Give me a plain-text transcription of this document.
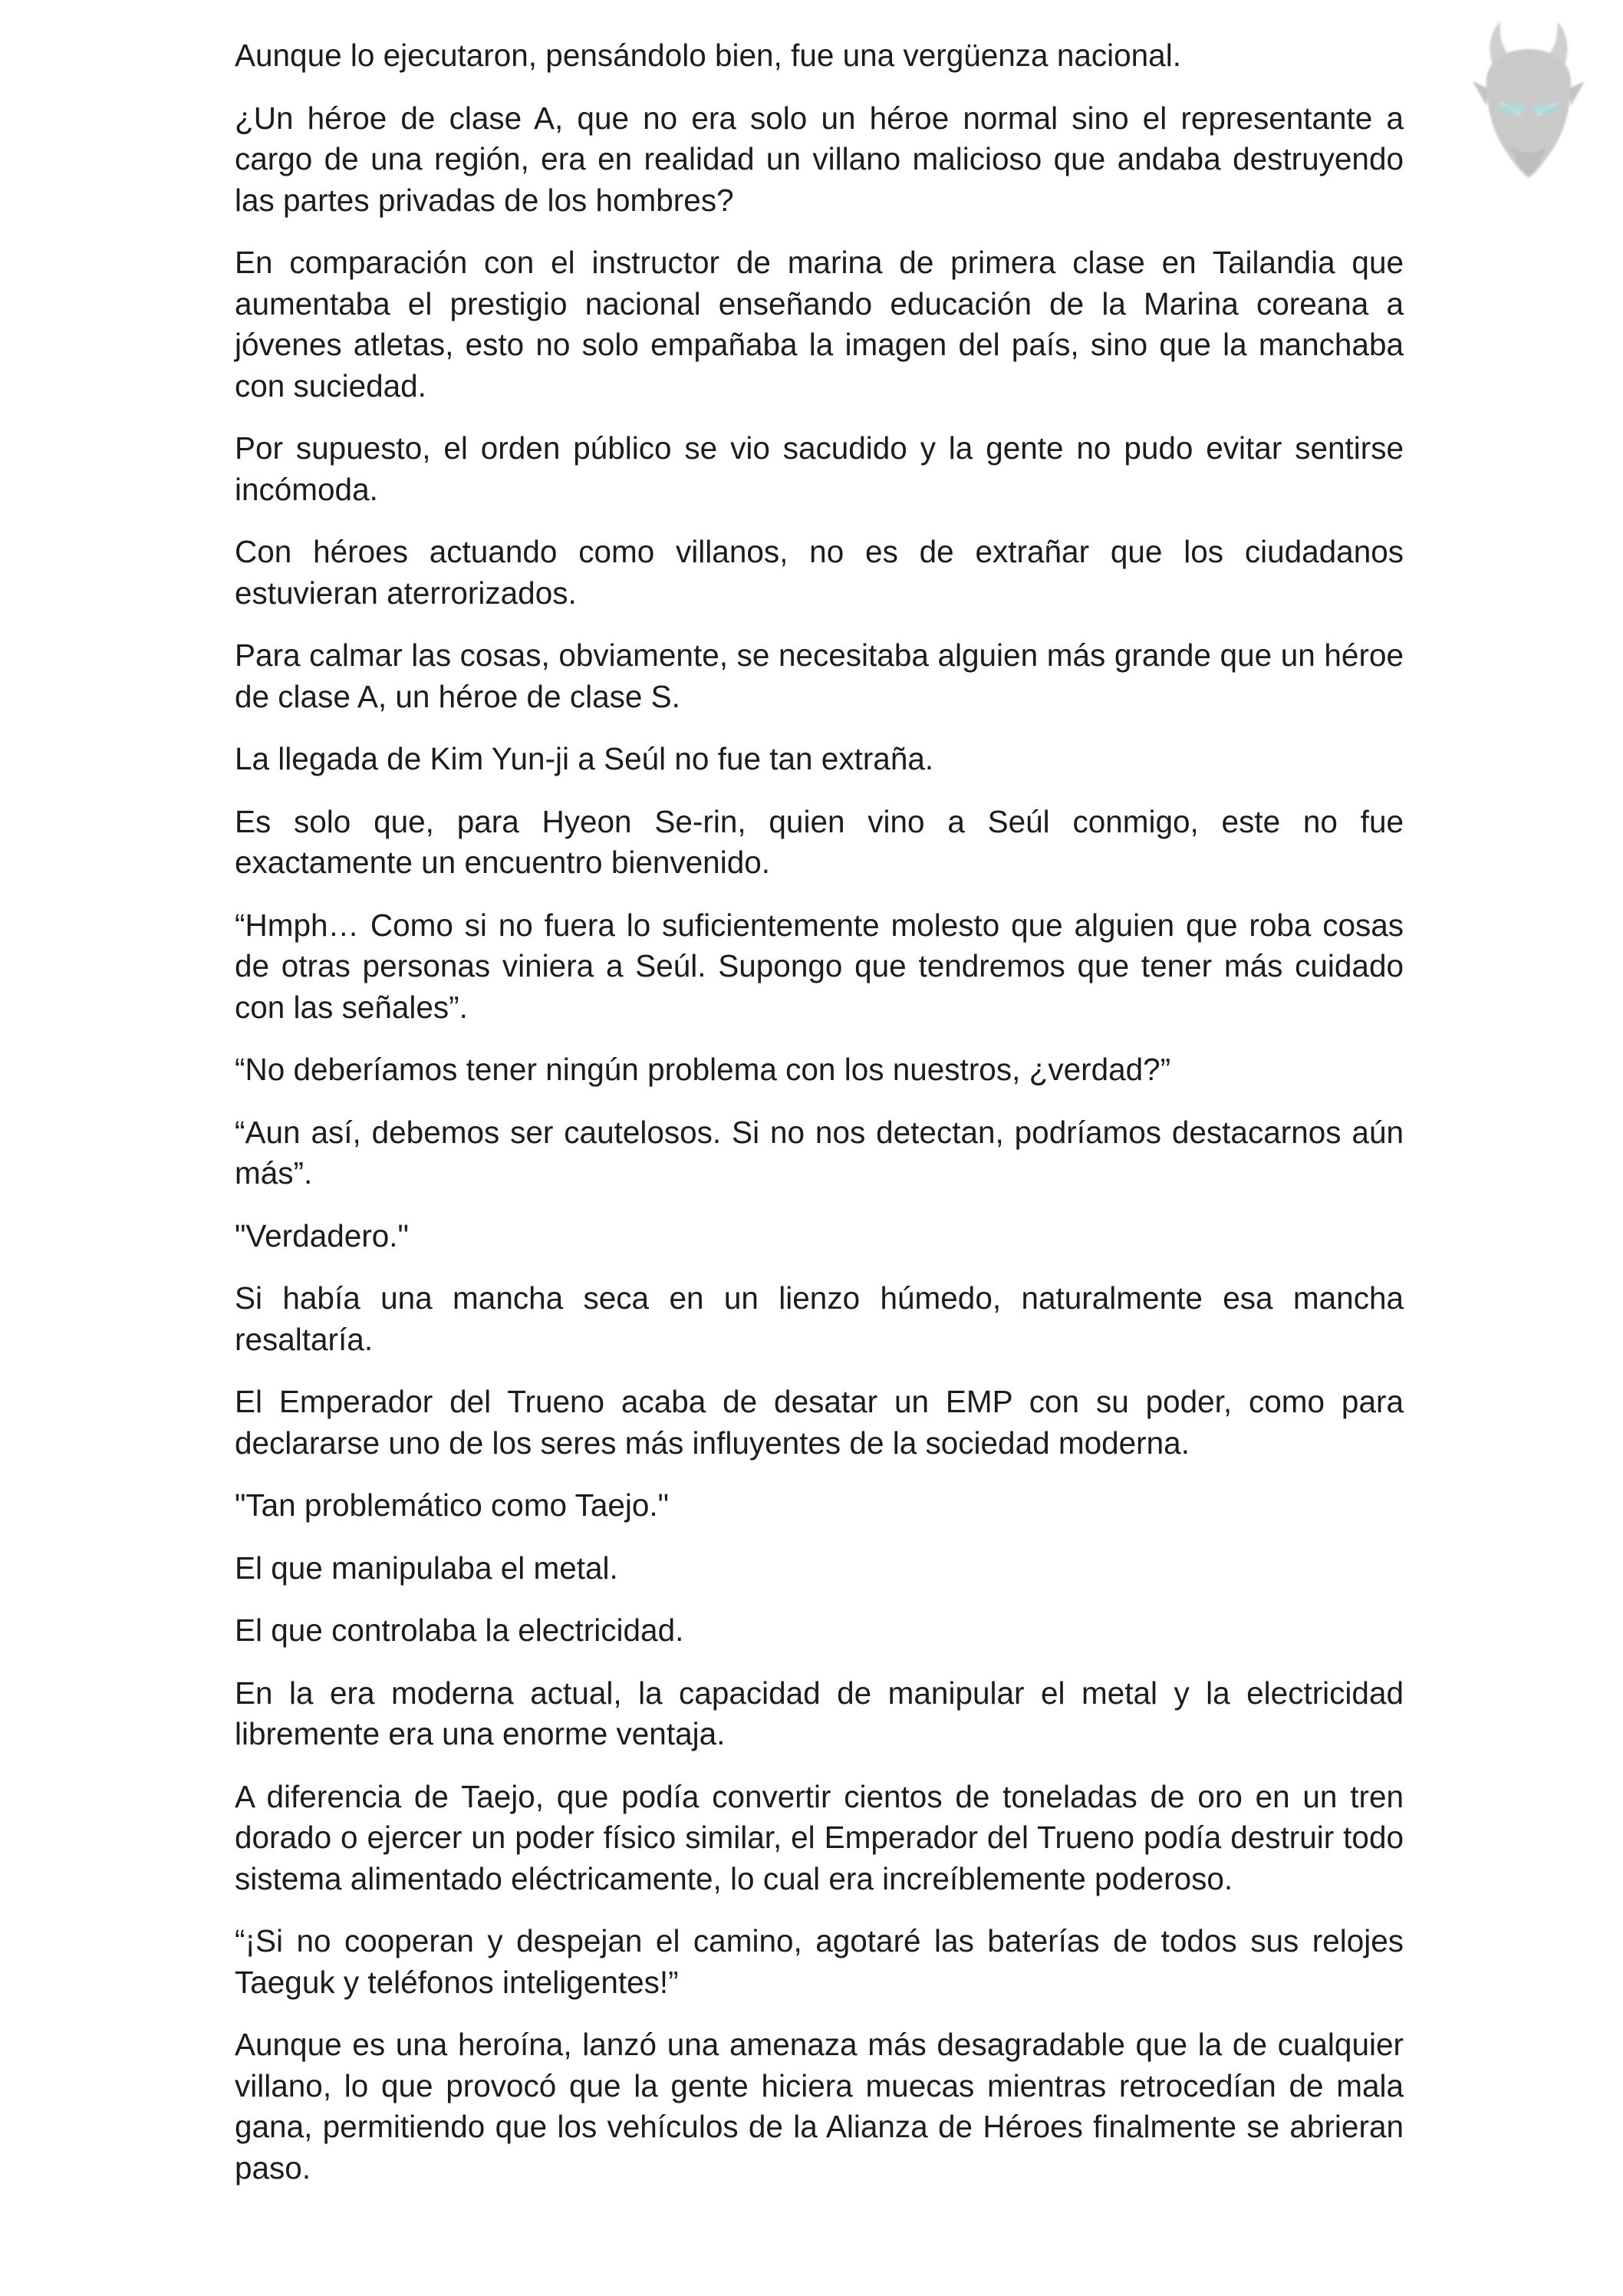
Aunque lo ejecutaron, pensándolo bien, fue una vergüenza nacional.

¿Un héroe de clase A, que no era solo un héroe normal sino el representante a cargo de una región, era en realidad un villano malicioso que andaba destruyendo las partes privadas de los hombres?

En comparación con el instructor de marina de primera clase en Tailandia que aumentaba el prestigio nacional enseñando educación de la Marina coreana a jóvenes atletas, esto no solo empañaba la imagen del país, sino que la manchaba con suciedad.

Por supuesto, el orden público se vio sacudido y la gente no pudo evitar sentirse incómoda.

Con héroes actuando como villanos, no es de extrañar que los ciudadanos estuvieran aterrorizados.

Para calmar las cosas, obviamente, se necesitaba alguien más grande que un héroe de clase A, un héroe de clase S.

La llegada de Kim Yun-ji a Seúl no fue tan extraña.

Es solo que, para Hyeon Se-rin, quien vino a Seúl conmigo, este no fue exactamente un encuentro bienvenido.

“Hmph… Como si no fuera lo suficientemente molesto que alguien que roba cosas de otras personas viniera a Seúl. Supongo que tendremos que tener más cuidado con las señales”.

“No deberíamos tener ningún problema con los nuestros, ¿verdad?”

“Aun así, debemos ser cautelosos. Si no nos detectan, podríamos destacarnos aún más”.

"Verdadero."

Si había una mancha seca en un lienzo húmedo, naturalmente esa mancha resaltaría.

El Emperador del Trueno acaba de desatar un EMP con su poder, como para declararse uno de los seres más influyentes de la sociedad moderna.

"Tan problemático como Taejo."

El que manipulaba el metal.

El que controlaba la electricidad.

En la era moderna actual, la capacidad de manipular el metal y la electricidad libremente era una enorme ventaja.

A diferencia de Taejo, que podía convertir cientos de toneladas de oro en un tren dorado o ejercer un poder físico similar, el Emperador del Trueno podía destruir todo sistema alimentado eléctricamente, lo cual era increíblemente poderoso.

“¡Si no cooperan y despejan el camino, agotaré las baterías de todos sus relojes Taeguk y teléfonos inteligentes!”

Aunque es una heroína, lanzó una amenaza más desagradable que la de cualquier villano, lo que provocó que la gente hiciera muecas mientras retrocedían de mala gana, permitiendo que los vehículos de la Alianza de Héroes finalmente se abrieran paso.
